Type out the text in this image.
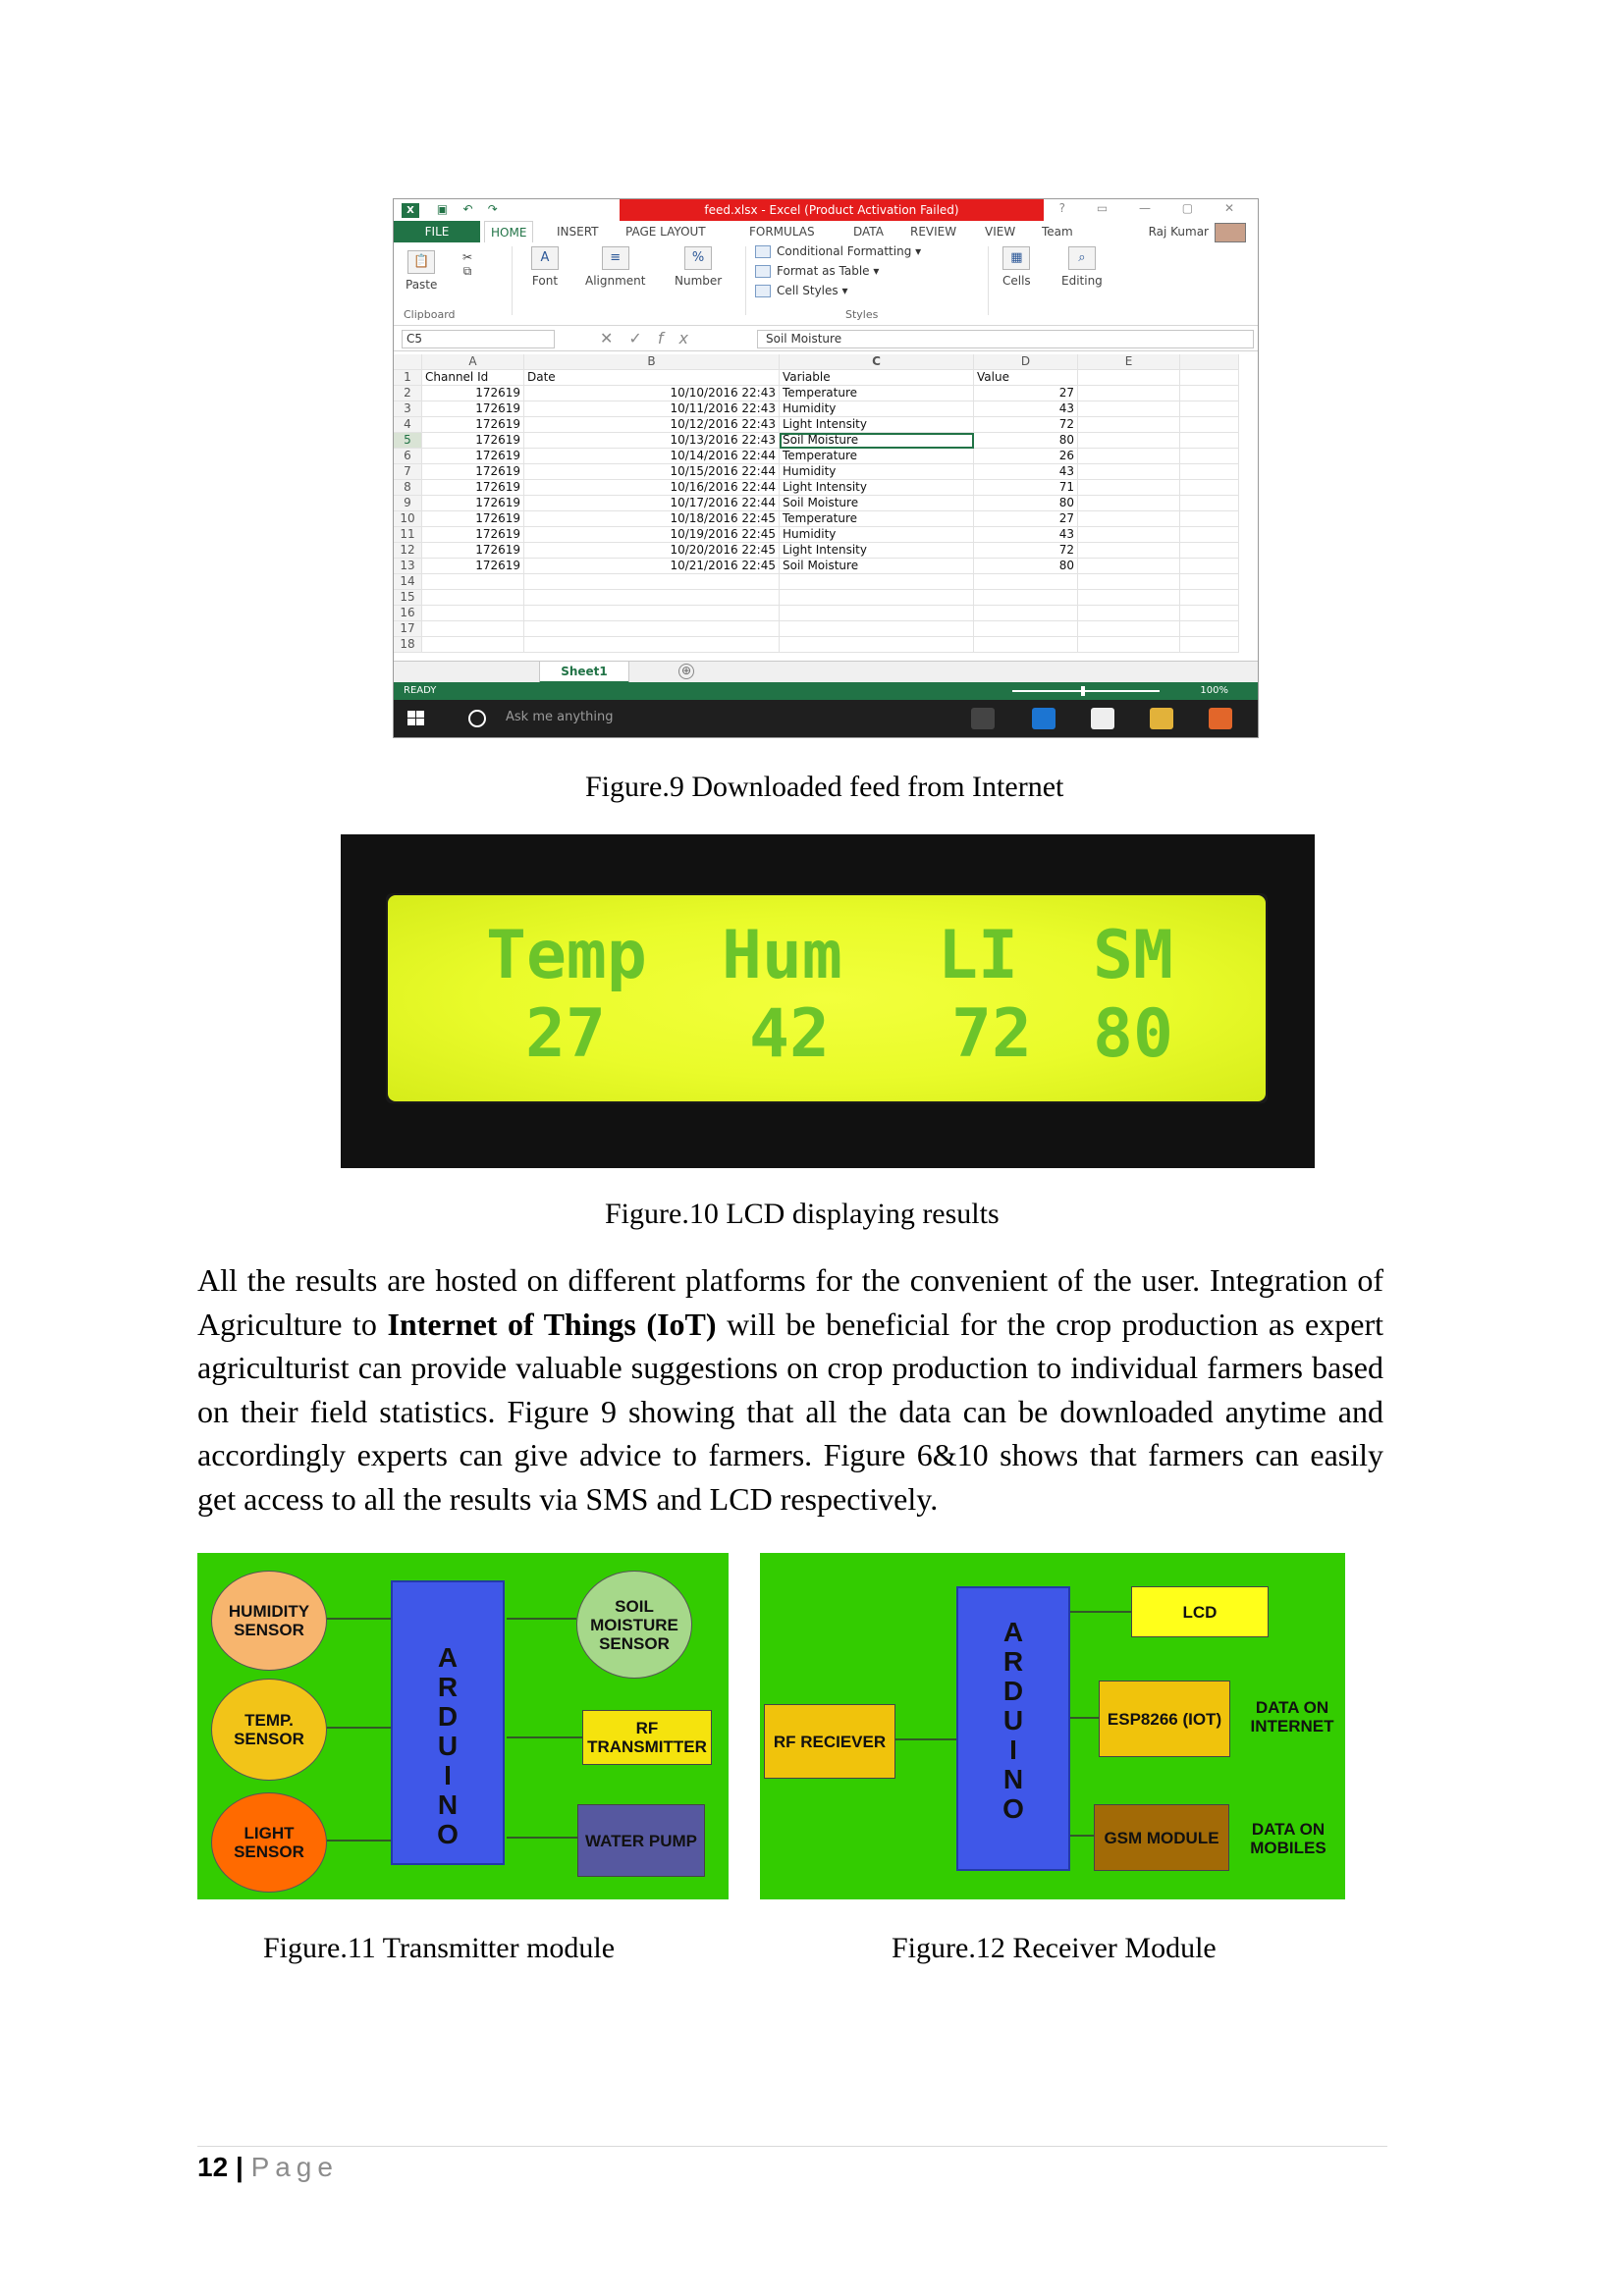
X ▣ ↶ ↷	feed.xlsx - Excel (Product Activation Failed)	? ▭ — ▢ ✕
FILE	HOME	INSERT PAGE LAYOUT	FORMULAS	DATA REVIEW VIEW Team	Raj Kumar
📋
Paste
✂
⧉
Clipboard
A
Font
≡
Alignment
%
Number
Conditional Formatting ▾
Format as Table ▾
Cell Styles ▾
Styles
▦
Cells
⌕
Editing
C5	✕✓fx	Soil Moisture
	A	B	C	D	E	
1	Channel Id	Date	Variable	Value		
2	172619	10/10/2016 22:43	Temperature	27		
3	172619	10/11/2016 22:43	Humidity	43		
4	172619	10/12/2016 22:43	Light Intensity	72		
5	172619	10/13/2016 22:43	Soil Moisture	80		
6	172619	10/14/2016 22:44	Temperature	26		
7	172619	10/15/2016 22:44	Humidity	43		
8	172619	10/16/2016 22:44	Light Intensity	71		
9	172619	10/17/2016 22:44	Soil Moisture	80		
10	172619	10/18/2016 22:45	Temperature	27		
11	172619	10/19/2016 22:45	Humidity	43		
12	172619	10/20/2016 22:45	Light Intensity	72		
13	172619	10/21/2016 22:45	Soil Moisture	80		
14						
15						
16						
17						
18						
Sheet1	⊕
READY	100%
Ask me anything
Figure.9 Downloaded feed from Internet
Temp	Hum	LI	SM
27	42	72 80
Figure.10 LCD displaying results
All the results are hosted on different platforms for the convenient of the user. Integration of Agriculture to Internet of Things (IoT) will be beneficial for the crop production as expert agriculturist can provide valuable suggestions on crop production to individual farmers based on their field statistics. Figure 9 showing that all the data can be downloaded anytime and accordingly experts can give advice to farmers. Figure 6&10 shows that farmers can easily get access to all the results via SMS and LCD respectively.
HUMIDITY SENSOR
TEMP. SENSOR
LIGHT SENSOR
A
R
D
U
I
N
O
SOIL MOISTURE SENSOR
RF TRANSMITTER
WATER PUMP
RF RECIEVER
A
R
D
U
I
N
O
LCD
ESP8266 (IOT)
GSM MODULE
DATA ON INTERNET
DATA ON MOBILES
Figure.11 Transmitter module	Figure.12 Receiver Module
12 | Page
